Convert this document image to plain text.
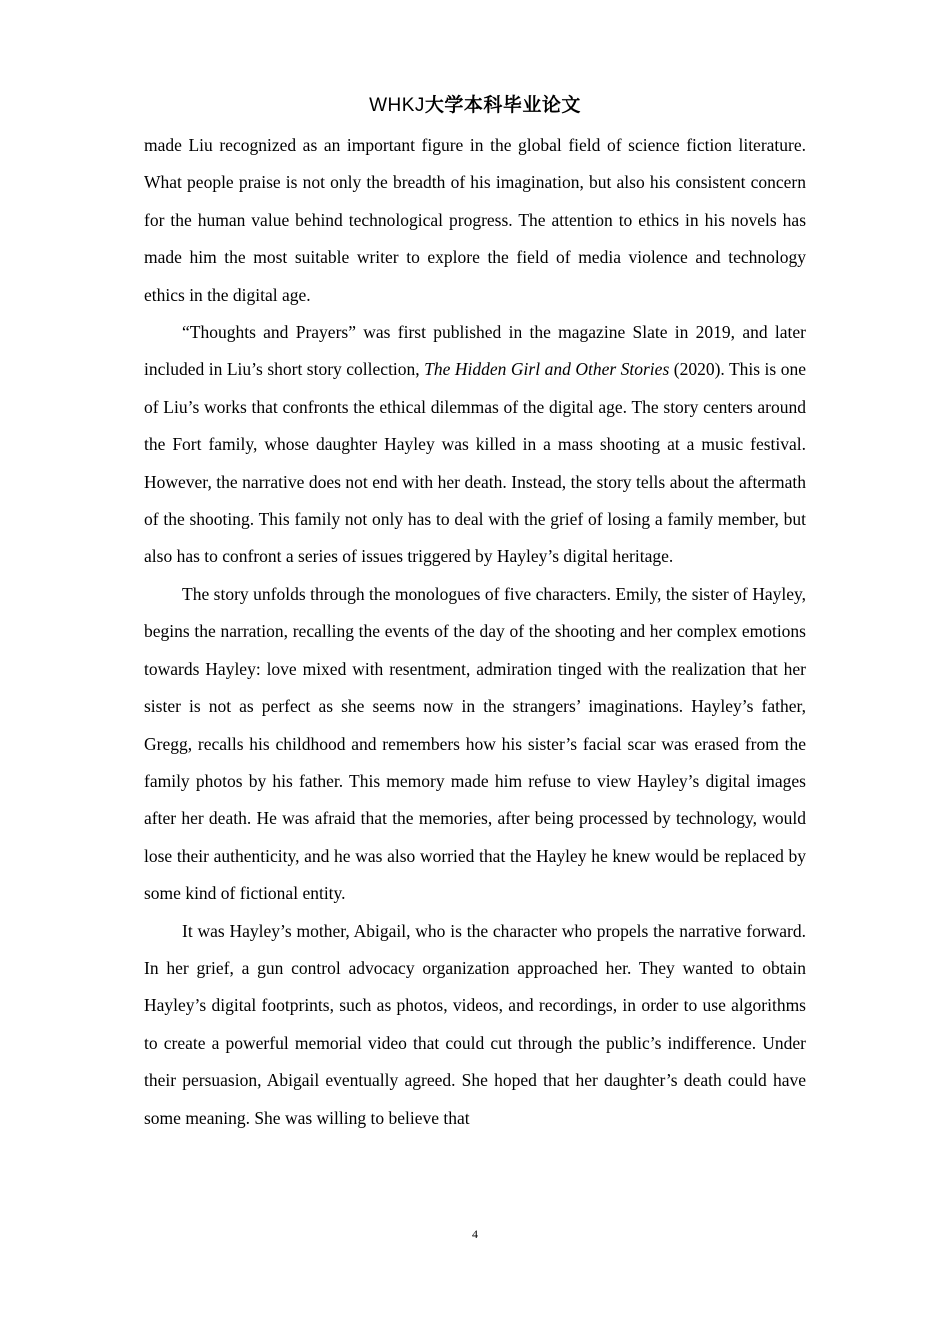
WHKJ大学本科毕业论文

made Liu recognized as an important figure in the global field of science fiction literature. What people praise is not only the breadth of his imagination, but also his consistent concern for the human value behind technological progress. The attention to ethics in his novels has made him the most suitable writer to explore the field of media violence and technology ethics in the digital age.

“Thoughts and Prayers” was first published in the magazine Slate in 2019, and later included in Liu’s short story collection, The Hidden Girl and Other Stories (2020). This is one of Liu’s works that confronts the ethical dilemmas of the digital age. The story centers around the Fort family, whose daughter Hayley was killed in a mass shooting at a music festival. However, the narrative does not end with her death. Instead, the story tells about the aftermath of the shooting. This family not only has to deal with the grief of losing a family member, but also has to confront a series of issues triggered by Hayley’s digital heritage.

The story unfolds through the monologues of five characters. Emily, the sister of Hayley, begins the narration, recalling the events of the day of the shooting and her complex emotions towards Hayley: love mixed with resentment, admiration tinged with the realization that her sister is not as perfect as she seems now in the strangers’ imaginations. Hayley’s father, Gregg, recalls his childhood and remembers how his sister’s facial scar was erased from the family photos by his father. This memory made him refuse to view Hayley’s digital images after her death. He was afraid that the memories, after being processed by technology, would lose their authenticity, and he was also worried that the Hayley he knew would be replaced by some kind of fictional entity.

It was Hayley’s mother, Abigail, who is the character who propels the narrative forward. In her grief, a gun control advocacy organization approached her. They wanted to obtain Hayley’s digital footprints, such as photos, videos, and recordings, in order to use algorithms to create a powerful memorial video that could cut through the public’s indifference. Under their persuasion, Abigail eventually agreed. She hoped that her daughter’s death could have some meaning. She was willing to believe that

4
